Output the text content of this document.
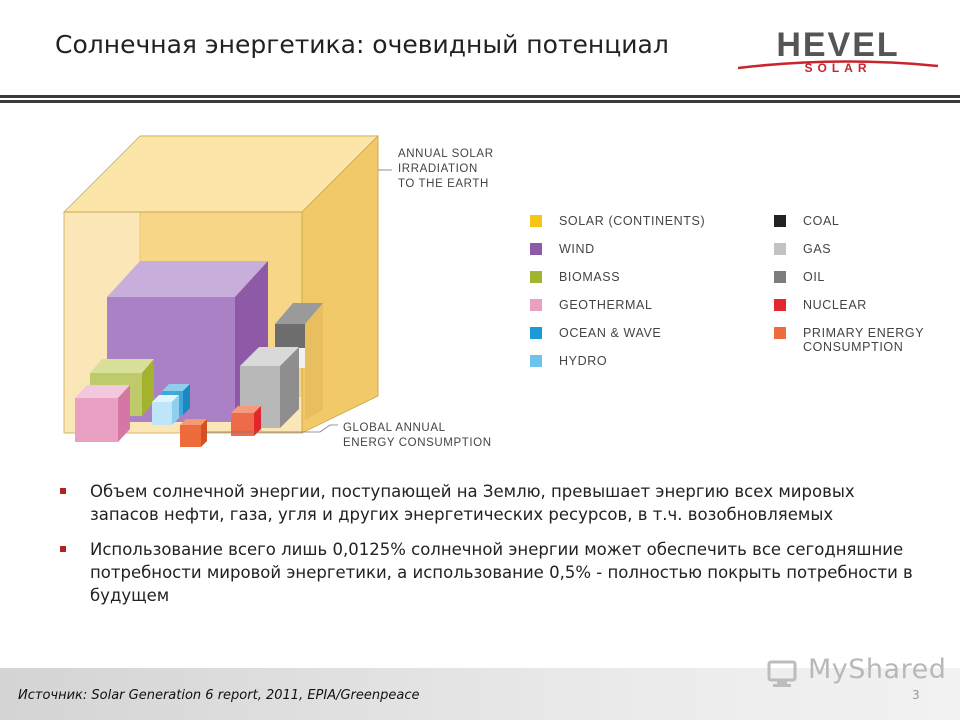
Солнечная энергетика: очевидный потенциал	HEVEL
SOLAR
ANNUAL SOLAR
IRRADIATION
TO THE EARTH
GLOBAL ANNUAL
ENERGY CONSUMPTION
SOLAR (CONTINENTS)
WIND
BIOMASS
GEOTHERMAL
OCEAN & WAVE
HYDRO
COAL
GAS
OIL
NUCLEAR
PRIMARY ENERGY CONSUMPTION
Объем солнечной энергии, поступающей на Землю, превышает энергию всех мировых запасов нефти, газа, угля и других энергетических ресурсов, в т.ч. возобновляемых
Использование всего лишь 0,0125% солнечной энергии может обеспечить все сегодняшние потребности мировой энергетики, а использование 0,5% - полностью покрыть потребности в будущем
Источник: Solar Generation 6 report, 2011, EPIA/Greenpeace
MyShared
3
